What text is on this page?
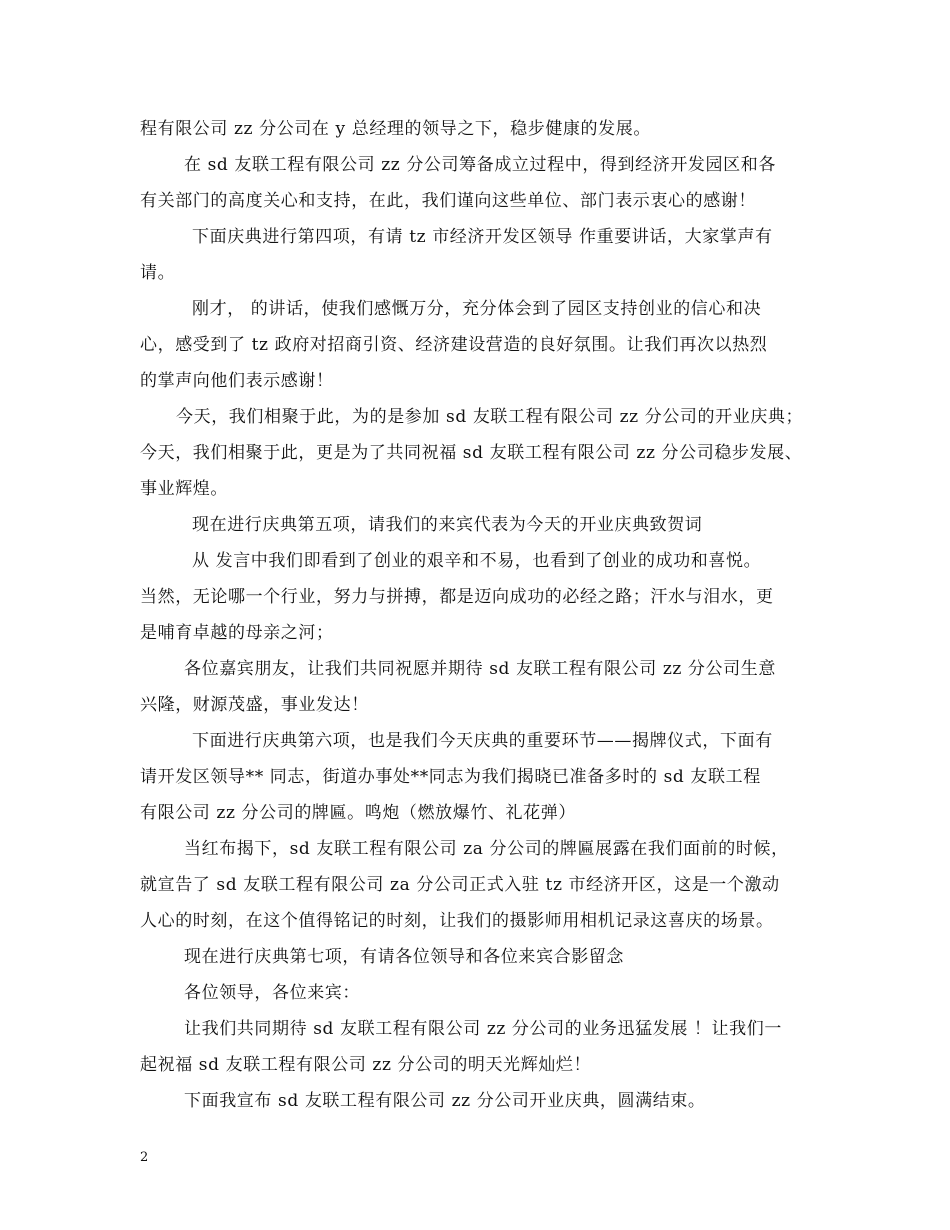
程有限公司 zz 分公司在 y 总经理的领导之下，稳步健康的发展。
在 sd 友联工程有限公司 zz 分公司筹备成立过程中，得到经济开发园区和各
有关部门的高度关心和支持，在此，我们谨向这些单位、部门表示衷心的感谢！
下面庆典进行第四项，有请 tz 市经济开发区领导 作重要讲话，大家掌声有
请。
刚才， 的讲话，使我们感慨万分，充分体会到了园区支持创业的信心和决
心，感受到了 tz 政府对招商引资、经济建设营造的良好氛围。让我们再次以热烈
的掌声向他们表示感谢！
今天，我们相聚于此，为的是参加 sd 友联工程有限公司 zz 分公司的开业庆典；
今天，我们相聚于此，更是为了共同祝福 sd 友联工程有限公司 zz 分公司稳步发展、
事业辉煌。
现在进行庆典第五项，请我们的来宾代表为今天的开业庆典致贺词
从 发言中我们即看到了创业的艰辛和不易，也看到了创业的成功和喜悦。
当然，无论哪一个行业，努力与拼搏，都是迈向成功的必经之路；汗水与泪水，更
是哺育卓越的母亲之河；
各位嘉宾朋友，让我们共同祝愿并期待 sd 友联工程有限公司 zz 分公司生意
兴隆，财源茂盛，事业发达！
下面进行庆典第六项，也是我们今天庆典的重要环节——揭牌仪式，下面有
请开发区领导** 同志，街道办事处**同志为我们揭晓已准备多时的 sd 友联工程
有限公司 zz 分公司的牌匾。鸣炮（燃放爆竹、礼花弹）
当红布揭下，sd 友联工程有限公司 za 分公司的牌匾展露在我们面前的时候，
就宣告了 sd 友联工程有限公司 za 分公司正式入驻 tz 市经济开区，这是一个激动
人心的时刻，在这个值得铭记的时刻，让我们的摄影师用相机记录这喜庆的场景。
现在进行庆典第七项，有请各位领导和各位来宾合影留念
各位领导，各位来宾：
让我们共同期待 sd 友联工程有限公司 zz 分公司的业务迅猛发展 ！让我们一
起祝福 sd 友联工程有限公司 zz 分公司的明天光辉灿烂！
下面我宣布 sd 友联工程有限公司 zz 分公司开业庆典，圆满结束。
2
